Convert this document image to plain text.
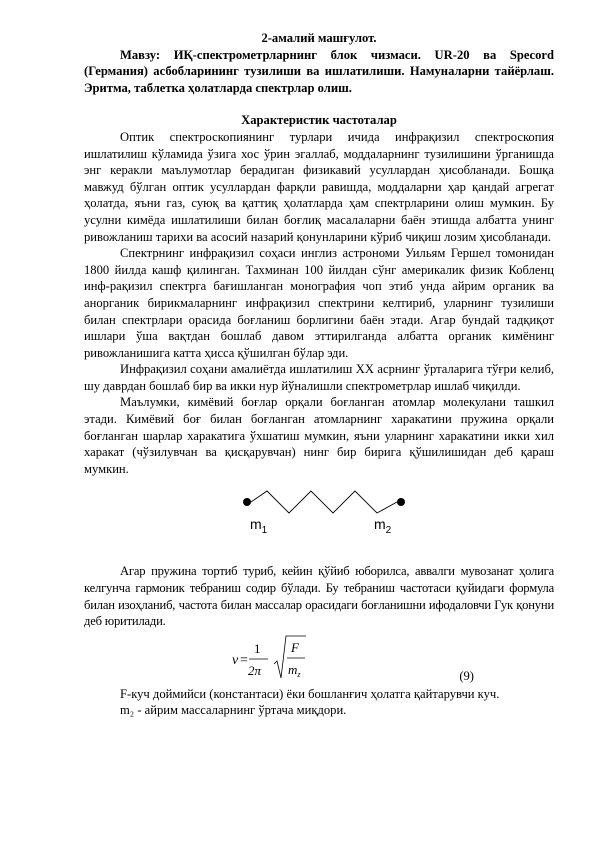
2-амалий машғулот.

Мавзу: ИҚ-спектрометрларнинг блок чизмаси. UR-20 ва Specord (Германия) асбобларининг тузилиши ва ишлатилиши. Намуналарни тайёрлаш. Эритма, таблетка ҳолатларда спектрлар олиш.

Характеристик частоталар

Оптик спектроскопиянинг турлари ичида инфрақизил спектроскопия ишлатилиш кўламида ўзига хос ўрин эгаллаб, моддаларнинг тузилишини ўрганишда энг керакли маълумотлар берадиган физикавий усуллардан ҳисобланади. Бошқа мавжуд бўлган оптик усуллардан фарқли равишда, моддаларни ҳар қандай агрегат ҳолатда, яъни газ, суюқ ва қаттиқ ҳолатларда ҳам спектрларини олиш мумкин. Бу усулни кимёда ишлатилиши билан боғлиқ масалаларни баён этишда албатта унинг ривожланиш тарихи ва асосий назарий қонунларини кўриб чиқиш лозим ҳисобланади.

Спектрнинг инфрақизил соҳаси инглиз астрономи Уильям Гершел томонидан 1800 йилда кашф қилинган. Тахминан 100 йилдан сўнг америкалик физик Кобленц инф-рақизил спектрга бағишланган монография чоп этиб унда айрим органик ва анорганик бирикмаларнинг инфрақизил спектрини келтириб, уларнинг тузилиши билан спектрлари орасида боғланиш борлигини баён этади. Агар бундай тадқиқот ишлари ўша вақтдан бошлаб давом эттирилганда албатта органик кимёнинг ривожланишига катта ҳисса қўшилган бўлар эди.

Инфрақизил соҳани амалиётда ишлатилиш XX асрнинг ўрталарига тўғри келиб, шу даврдан бошлаб бир ва икки нур йўналишли спектрометрлар ишлаб чиқилди.

Маълумки, кимёвий боғлар орқали боғланган атомлар молекулани ташкил этади. Кимёвий боғ билан боғланган атомларнинг харакатини пружина орқали боғланган шарлар харакатига ўхшатиш мумкин, яъни уларнинг харакатини икки хил харакат (чўзилувчан ва қисқарувчан) нинг бир бирига қўшилишидан деб қараш мумкин.

$m_1$	$m_2$

Агар пружина тортиб туриб, кейин қўйиб юборилса, аввалги мувозанат ҳолига келгунча гармоник тебраниш содир бўлади. Бу тебраниш частотаси қуйидаги формула билан изоҳланиб, частота билан массалар орасидаги боғланишни ифодаловчи Гук қонуни деб юритилади.

ν =
1
2π
F
$m_z$	(9)

F-куч доймийси (константаси) ёки бошланғич ҳолатга қайтарувчи куч.

m₂ - айрим массаларнинг ўртача миқдори.
